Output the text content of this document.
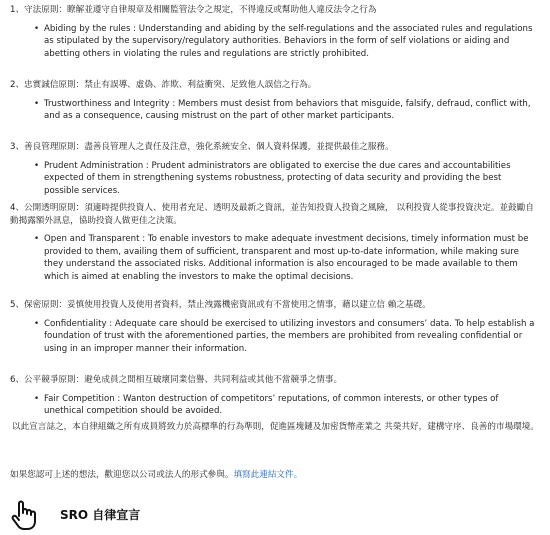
1、守法原則：瞭解並遵守自律規章及相關監管法令之規定，不得違反或幫助他人違反法令之行為

• Abiding by the rules : Understanding and abiding by the self-regulations and the associated rules and regulations as stipulated by the supervisory/regulatory authorities. Behaviors in the form of self violations or aiding and abetting others in violating the rules and regulations are strictly prohibited.

2、忠實誠信原則：禁止有誤導、虛偽、詐欺、利益衝突、足致他人誤信之行為。

• Trustworthiness and Integrity : Members must desist from behaviors that misguide, falsify, defraud, conflict with, and as a consequence, causing mistrust on the part of other market participants.

3、善良管理原則：盡善良管理人之責任及注意，強化系統安全、個人資料保護，並提供最佳之服務。

• Prudent Administration : Prudent administrators are obligated to exercise the due cares and accountabilities expected of them in strengthening systems robustness, protecting of data security and providing the best possible services.

4、公開透明原則：須適時提供投資人、使用者充足、透明及最新之資訊，並告知投資人投資之風險， 以利投資人從事投資決定。並鼓勵自動揭露額外訊息，協助投資人做更佳之決策。

• Open and Transparent : To enable investors to make adequate investment decisions, timely information must be provided to them, availing them of sufficient, transparent and most up-to-date information, while making sure they understand the associated risks. Additional information is also encouraged to be made available to them which is aimed at enabling the investors to make the optimal decisions.

5、保密原則：妥慎使用投資人及使用者資料，禁止洩露機密資訊或有不當使用之情事，藉以建立信 賴之基礎。

• Confidentiality : Adequate care should be exercised to utilizing investors and consumers’ data. To help establish a foundation of trust with the aforementioned parties, the members are prohibited from revealing confidential or using in an improper manner their information.

6、公平競爭原則：避免成員之間相互破壞同業信譽、共同利益或其他不當競爭之情事。

• Fair Competition : Wanton destruction of competitors’ reputations, of common interests, or other types of unethical competition should be avoided.

以此宣言誌之，本自律組織之所有成員將致力於高標準的行為準則，促進區塊鏈及加密貨幣產業之 共榮共好，建構守序、良善的市場環境。

如果您認可上述的想法，歡迎您以公司或法人的形式參與。填寫此連結文件。

SRO 自律宣言
